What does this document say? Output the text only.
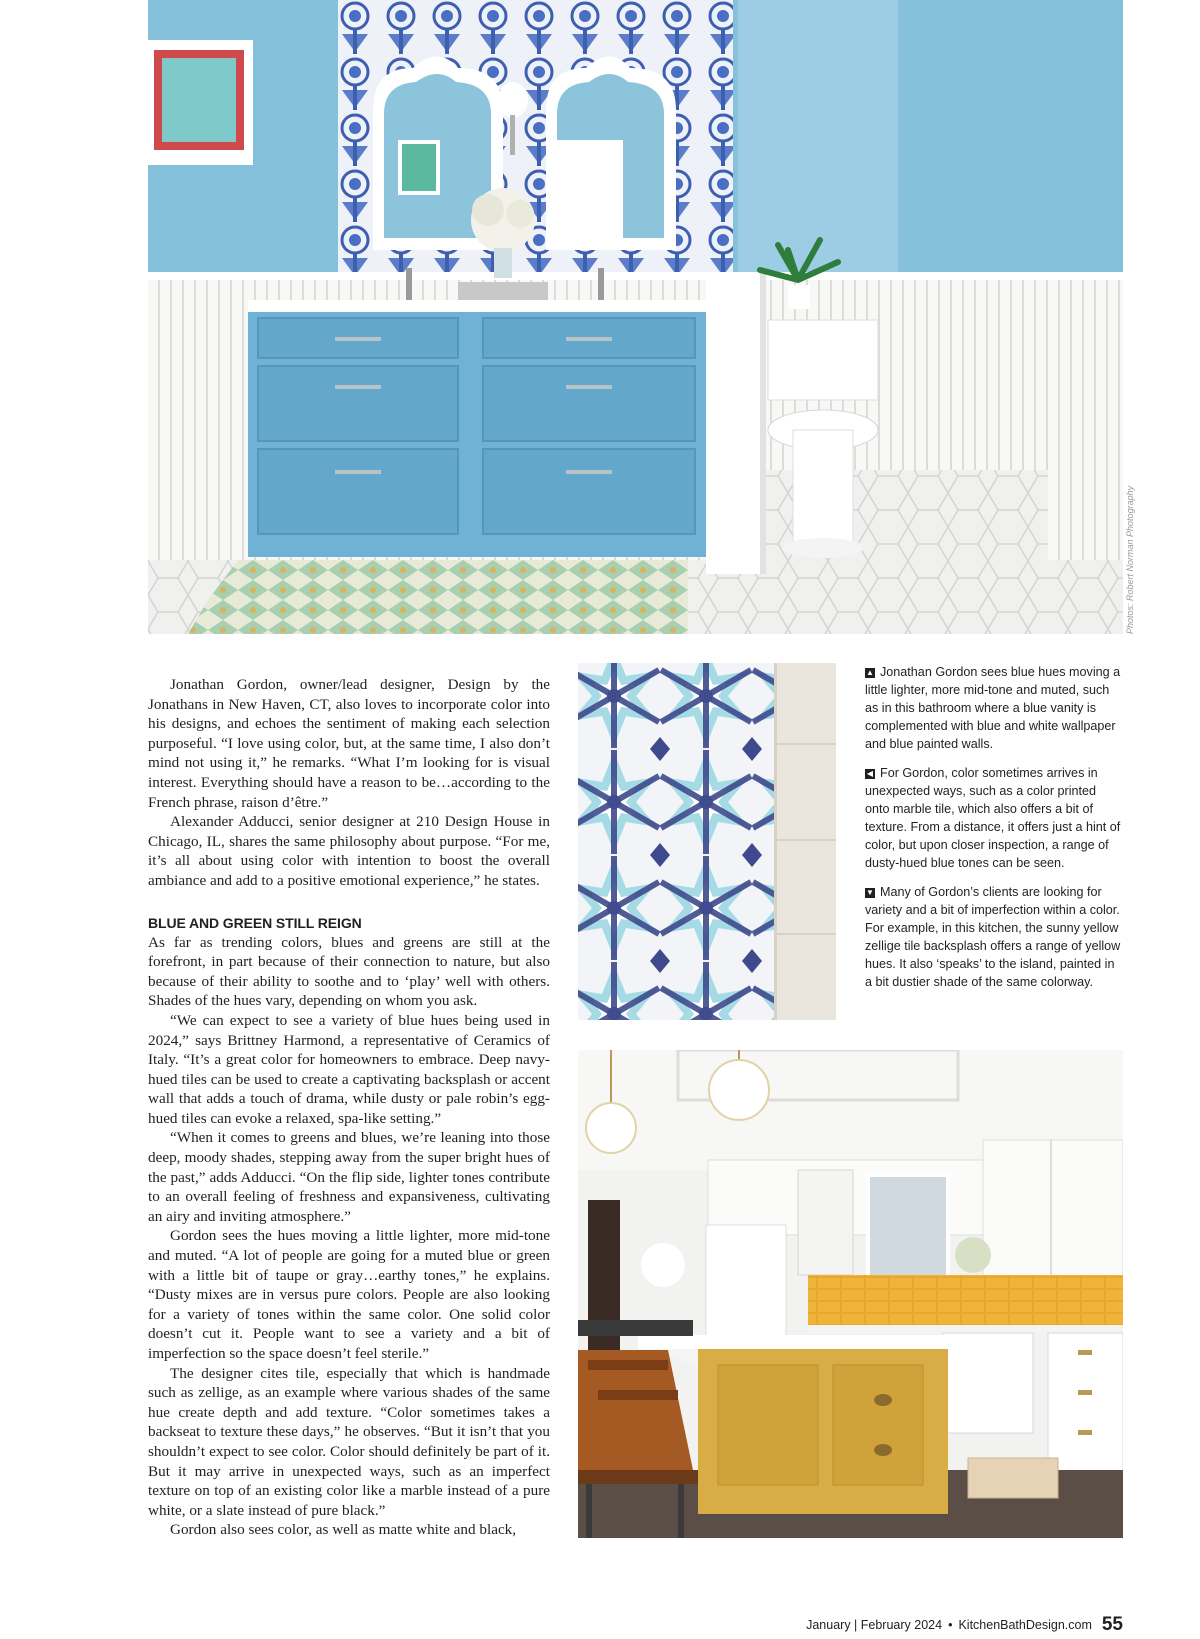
Photos: Robert Norman Photography

Jonathan Gordon, owner/lead designer, Design by the Jonathans in New Haven, CT, also loves to incorporate color into his designs, and echoes the sentiment of making each selection purposeful. “I love using color, but, at the same time, I also don’t mind not using it,” he remarks. “What I’m looking for is visual interest. Everything should have a reason to be…according to the French phrase, raison d’être.”

Alexander Adducci, senior designer at 210 Design House in Chicago, IL, shares the same philosophy about purpose. “For me, it’s all about using color with intention to boost the overall ambiance and add to a positive emotional experience,” he states.

BLUE AND GREEN STILL REIGN

As far as trending colors, blues and greens are still at the forefront, in part because of their connection to nature, but also because of their ability to soothe and to ‘play’ well with others. Shades of the hues vary, depending on whom you ask.

“We can expect to see a variety of blue hues being used in 2024,” says Brittney Harmond, a representative of Ceramics of Italy. “It’s a great color for homeowners to embrace. Deep navy-hued tiles can be used to create a captivating backsplash or accent wall that adds a touch of drama, while dusty or pale robin’s egg-hued tiles can evoke a relaxed, spa-like setting.”

“When it comes to greens and blues, we’re leaning into those deep, moody shades, stepping away from the super bright hues of the past,” adds Adducci. “On the flip side, lighter tones contribute to an overall feeling of freshness and expansiveness, cultivating an airy and inviting atmosphere.”

Gordon sees the hues moving a little lighter, more mid-tone and muted. “A lot of people are going for a muted blue or green with a little bit of taupe or gray…earthy tones,” he explains. “Dusty mixes are in versus pure colors. People are also looking for a variety of tones within the same color. One solid color doesn’t cut it. People want to see a variety and a bit of imperfection so the space doesn’t feel sterile.”

The designer cites tile, especially that which is handmade such as zellige, as an example where various shades of the same hue create depth and add texture. “Color sometimes takes a backseat to texture these days,” he observes. “But it isn’t that you shouldn’t expect to see color. Color should definitely be part of it. But it may arrive in unexpected ways, such as an imperfect texture on top of an existing color like a marble instead of a pure white, or a slate instead of pure black.”

Gordon also sees color, as well as matte white and black,

▲ Jonathan Gordon sees blue hues moving a little lighter, more mid-tone and muted, such as in this bathroom where a blue vanity is complemented with blue and white wallpaper and blue painted walls.

◀ For Gordon, color sometimes arrives in unexpected ways, such as a color printed onto marble tile, which also offers a bit of texture. From a distance, it offers just a hint of color, but upon closer inspection, a range of dusty-hued blue tones can be seen.

▼ Many of Gordon’s clients are looking for variety and a bit of imperfection within a color. For example, in this kitchen, the sunny yellow zellige tile backsplash offers a range of yellow hues. It also ‘speaks’ to the island, painted in a bit dustier shade of the same colorway.

January | February 2024 • KitchenBathDesign.com 55
